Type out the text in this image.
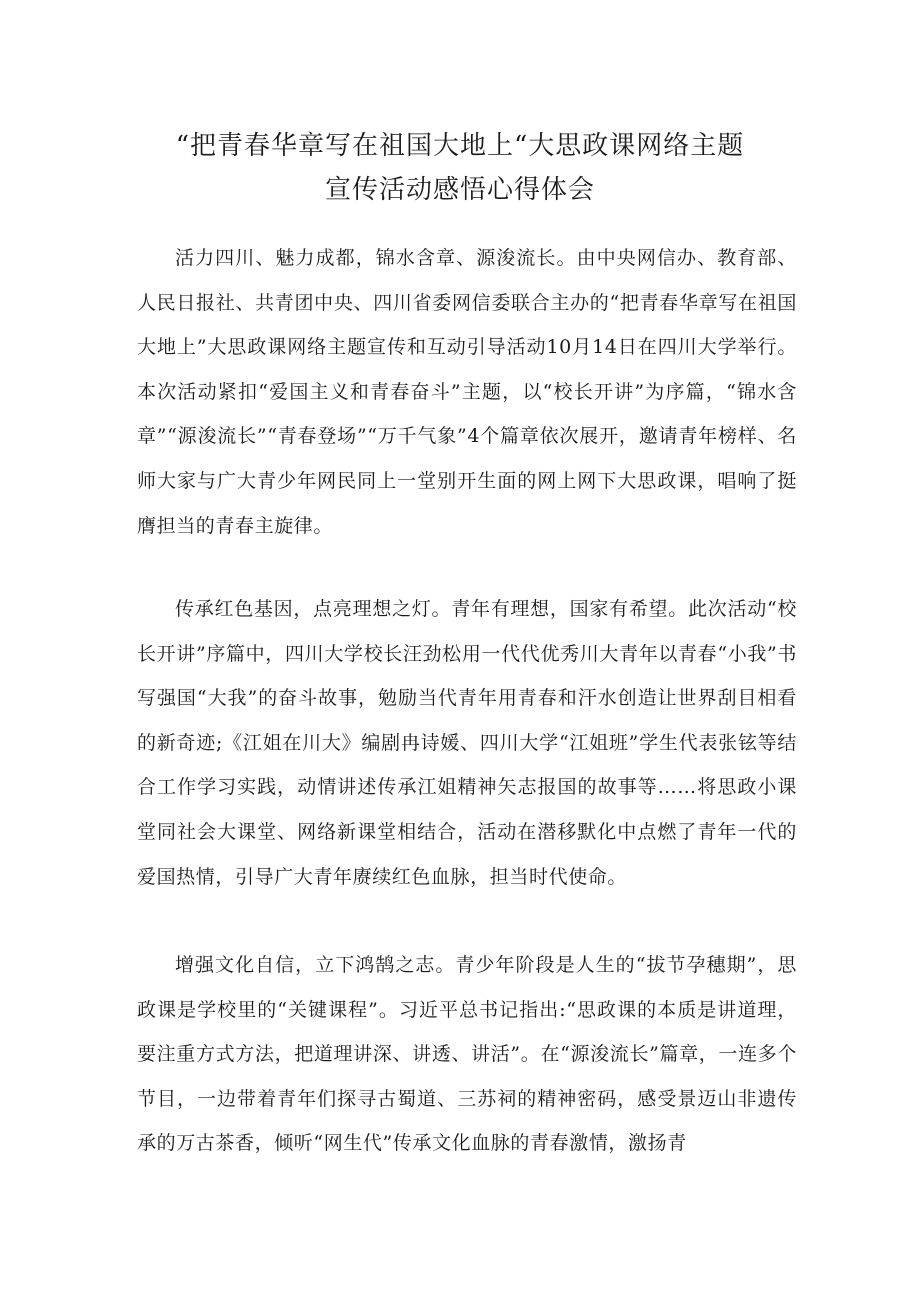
“把青春华章写在祖国大地上“大思政课网络主题
宣传活动感悟心得体会

活力四川、魅力成都，锦水含章、源浚流长。由中央网信办、教育部、人民日报社、共青团中央、四川省委网信委联合主办的“把青春华章写在祖国大地上”大思政课网络主题宣传和互动引导活动10月14日在四川大学举行。本次活动紧扣“爱国主义和青春奋斗”主题，以“校长开讲”为序篇，“锦水含章”“源浚流长”“青春登场”“万千气象”4个篇章依次展开，邀请青年榜样、名师大家与广大青少年网民同上一堂别开生面的网上网下大思政课，唱响了挺膺担当的青春主旋律。

传承红色基因，点亮理想之灯。青年有理想，国家有希望。此次活动“校长开讲”序篇中，四川大学校长汪劲松用一代代优秀川大青年以青春“小我”书写强国“大我”的奋斗故事，勉励当代青年用青春和汗水创造让世界刮目相看的新奇迹;《江姐在川大》编剧冉诗媛、四川大学“江姐班”学生代表张铉等结合工作学习实践，动情讲述传承江姐精神矢志报国的故事等……将思政小课堂同社会大课堂、网络新课堂相结合，活动在潜移默化中点燃了青年一代的爱国热情，引导广大青年赓续红色血脉，担当时代使命。

增强文化自信，立下鸿鹄之志。青少年阶段是人生的“拔节孕穗期”，思政课是学校里的“关键课程”。习近平总书记指出:“思政课的本质是讲道理，要注重方式方法，把道理讲深、讲透、讲活”。在“源浚流长”篇章，一连多个节目，一边带着青年们探寻古蜀道、三苏祠的精神密码，感受景迈山非遗传承的万古茶香，倾听“网生代”传承文化血脉的青春激情，激扬青
